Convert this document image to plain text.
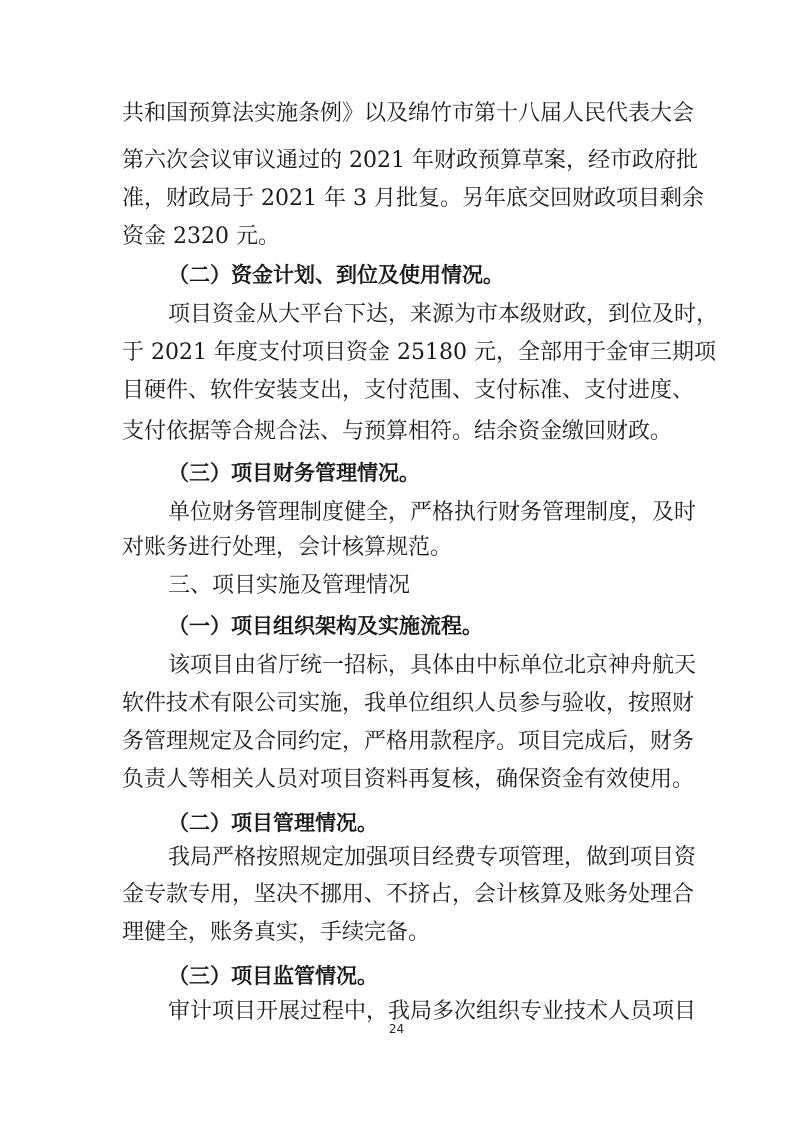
共和国预算法实施条例》以及绵竹市第十八届人民代表大会
第六次会议审议通过的 2021 年财政预算草案，经市政府批
准，财政局于 2021 年 3 月批复。另年底交回财政项目剩余
资金 2320 元。
（二）资金计划、到位及使用情况。
项目资金从大平台下达，来源为市本级财政，到位及时，
于 2021 年度支付项目资金 25180 元，全部用于金审三期项
目硬件、软件安装支出，支付范围、支付标准、支付进度、
支付依据等合规合法、与预算相符。结余资金缴回财政。
（三）项目财务管理情况。
单位财务管理制度健全，严格执行财务管理制度，及时
对账务进行处理，会计核算规范。
三、项目实施及管理情况
（一）项目组织架构及实施流程。
该项目由省厅统一招标，具体由中标单位北京神舟航天
软件技术有限公司实施，我单位组织人员参与验收，按照财
务管理规定及合同约定，严格用款程序。项目完成后，财务
负责人等相关人员对项目资料再复核，确保资金有效使用。
（二）项目管理情况。
我局严格按照规定加强项目经费专项管理，做到项目资
金专款专用，坚决不挪用、不挤占，会计核算及账务处理合
理健全，账务真实，手续完备。
（三）项目监管情况。
审计项目开展过程中，我局多次组织专业技术人员项目
24
